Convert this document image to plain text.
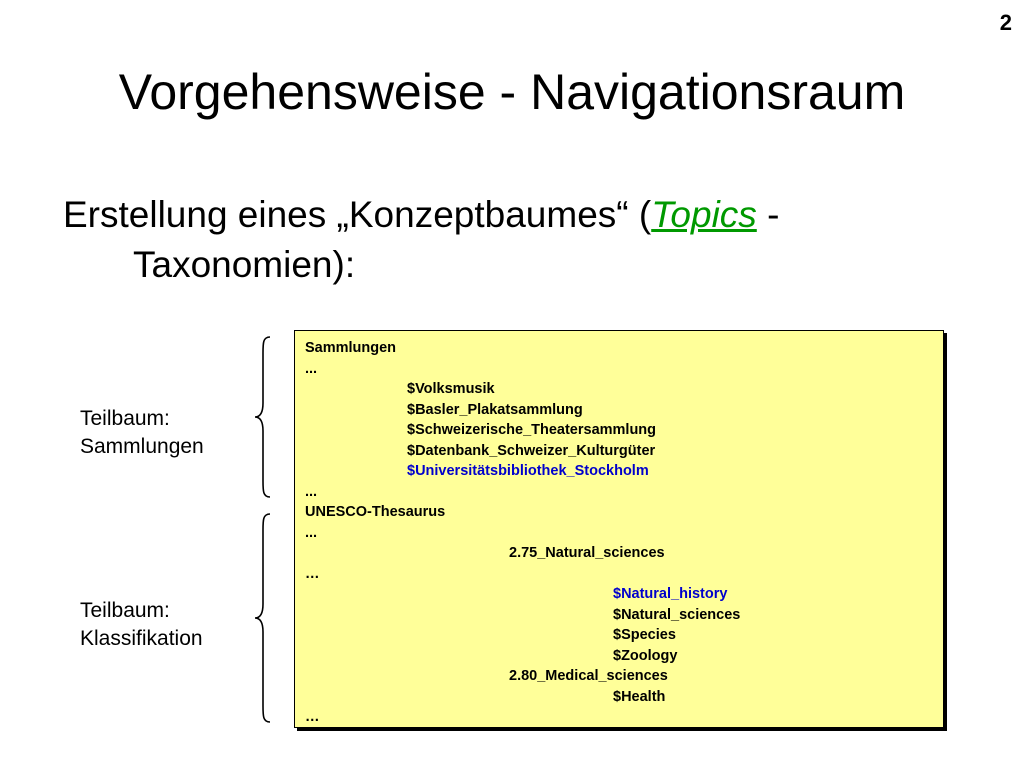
2
Vorgehensweise - Navigationsraum
Erstellung eines „Konzeptbaumes“ (Topics -
Taxonomien):
Teilbaum:
Sammlungen
Teilbaum:
Klassifikation
Sammlungen
...
$Volksmusik
$Basler_Plakatsammlung
$Schweizerische_Theatersammlung
$Datenbank_Schweizer_Kulturgüter
$Universitätsbibliothek_Stockholm
...
UNESCO-Thesaurus
...
2.75_Natural_sciences
…
$Natural_history
$Natural_sciences
$Species
$Zoology
2.80_Medical_sciences
$Health
…
